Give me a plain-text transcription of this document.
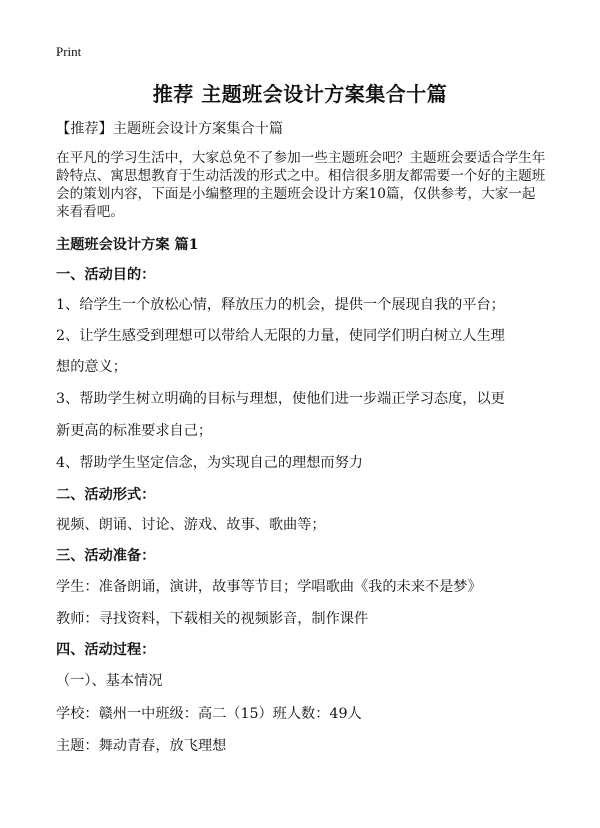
Print
推荐 主题班会设计方案集合十篇
【推荐】主题班会设计方案集合十篇
在平凡的学习生活中，大家总免不了参加一些主题班会吧？主题班会要适合学生年龄特点、寓思想教育于生动活泼的形式之中。相信很多朋友都需要一个好的主题班会的策划内容，下面是小编整理的主题班会设计方案10篇，仅供参考，大家一起来看看吧。
主题班会设计方案 篇1
一、活动目的：
1、给学生一个放松心情，释放压力的机会，提供一个展现自我的平台；
2、让学生感受到理想可以带给人无限的力量，使同学们明白树立人生理
想的意义；
3、帮助学生树立明确的目标与理想，使他们进一步端正学习态度，以更
新更高的标准要求自己；
4、帮助学生坚定信念，为实现自己的理想而努力
二、活动形式：
视频、朗诵、讨论、游戏、故事、歌曲等；
三、活动准备：
学生：准备朗诵，演讲，故事等节目；学唱歌曲《我的未来不是梦》
教师：寻找资料，下载相关的视频影音，制作课件
四、活动过程：
（一）、基本情况
学校：赣州一中班级：高二（15）班人数：49人
主题：舞动青春，放飞理想
